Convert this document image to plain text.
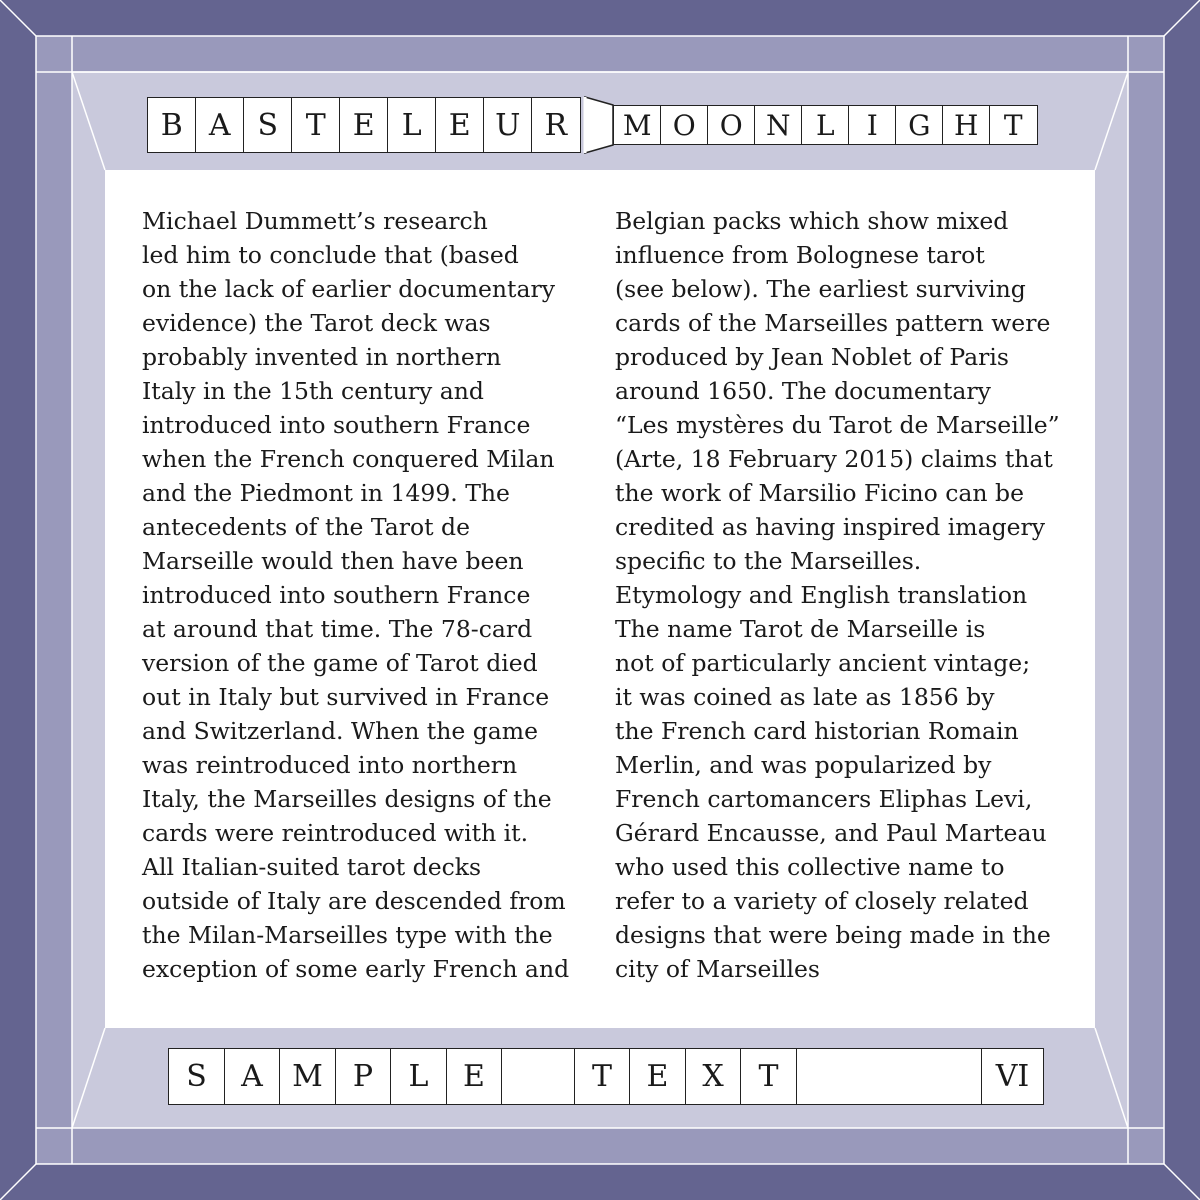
B A S T E L E U R	M O O N L	I	G H T
Michael Dummett’s research
led him to conclude that (based
on the lack of earlier documentary
evidence) the Tarot deck was
probably invented in northern
Italy in the 15th century and
introduced into southern France
when the French conquered Milan
and the Piedmont in 1499. The
antecedents of the Tarot de
Marseille would then have been
introduced into southern France
at around that time. The 78-card
version of the game of Tarot died
out in Italy but survived in France
and Switzerland. When the game
was reintroduced into northern
Italy, the Marseilles designs of the
cards were reintroduced with it.
All Italian-suited tarot decks
outside of Italy are descended from
the Milan-Marseilles type with the
exception of some early French and
Belgian packs which show mixed
influence from Bolognese tarot
(see below). The earliest surviving
cards of the Marseilles pattern were
produced by Jean Noblet of Paris
around 1650. The documentary
“Les mystères du Tarot de Marseille”
(Arte, 18 February 2015) claims that
the work of Marsilio Ficino can be
credited as having inspired imagery
specific to the Marseilles.
Etymology and English translation
The name Tarot de Marseille is
not of particularly ancient vintage;
it was coined as late as 1856 by
the French card historian Romain
Merlin, and was popularized by
French cartomancers Eliphas Levi,
Gérard Encausse, and Paul Marteau
who used this collective name to
refer to a variety of closely related
designs that were being made in the
city of Marseilles
S	A M	P	L	E	T	E	X	T	VI
